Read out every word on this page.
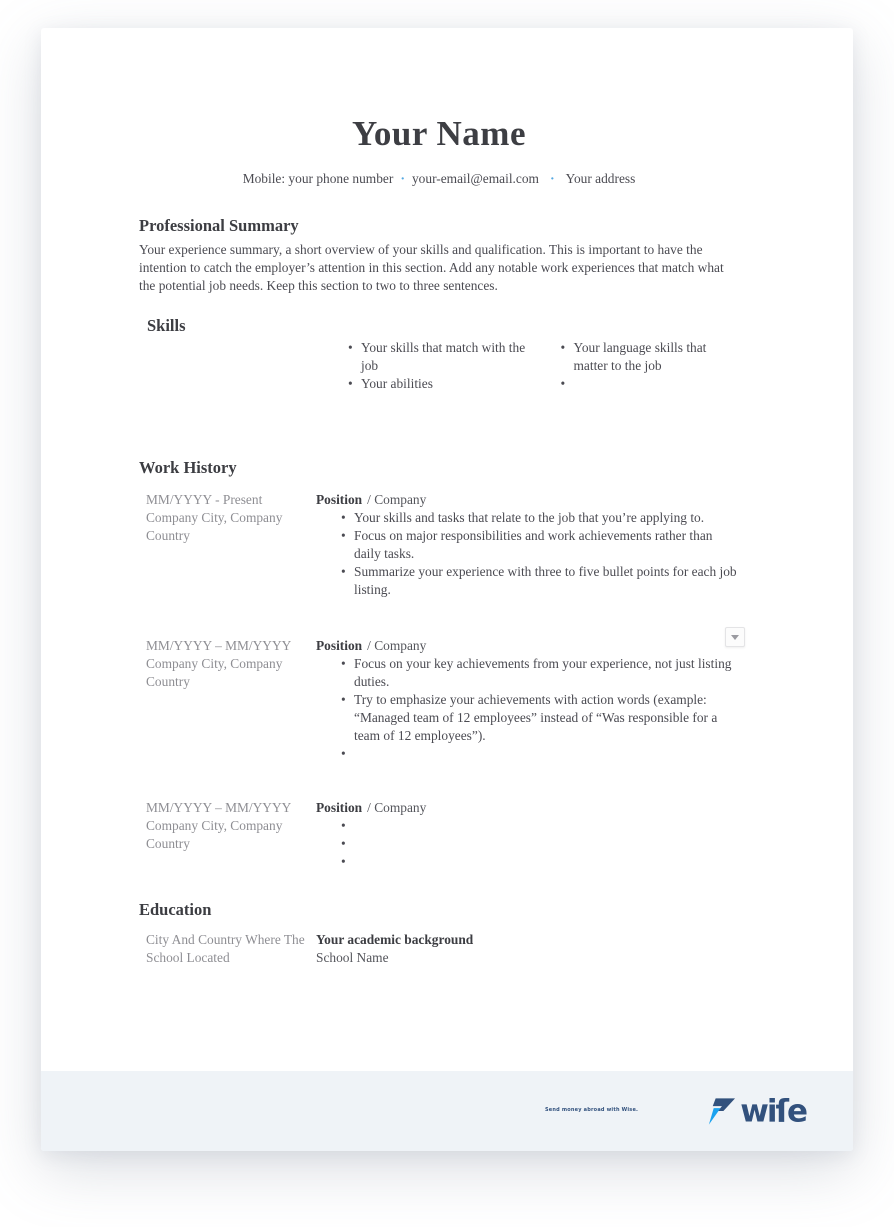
Your Name
Mobile: your phone number · your-email@email.com · Your address
Professional Summary

Your experience summary, a short overview of your skills and qualification. This is important to have the intention to catch the employer’s attention in this section. Add any notable work experiences that match what the potential job needs. Keep this section to two to three sentences.

Skills
• Your skills that match with the job
• Your abilities
• Your language skills that matter to the job
•
Work History
MM/YYYY - Present
Company City, Company Country
Position / Company
• Your skills and tasks that relate to the job that you’re applying to.
• Focus on major responsibilities and work achievements rather than daily tasks.
• Summarize your experience with three to five bullet points for each job listing.
MM/YYYY – MM/YYYY
Company City, Company Country
Position / Company
• Focus on your key achievements from your experience, not just listing duties.
• Try to emphasize your achievements with action words (example: “Managed team of 12 employees” instead of “Was responsible for a team of 12 employees”).
•
MM/YYYY – MM/YYYY
Company City, Company Country
Position / Company
•
•
•
Education
City And Country Where The School Located
Your academic background
School Name
Send money abroad with Wise.	wiſe
